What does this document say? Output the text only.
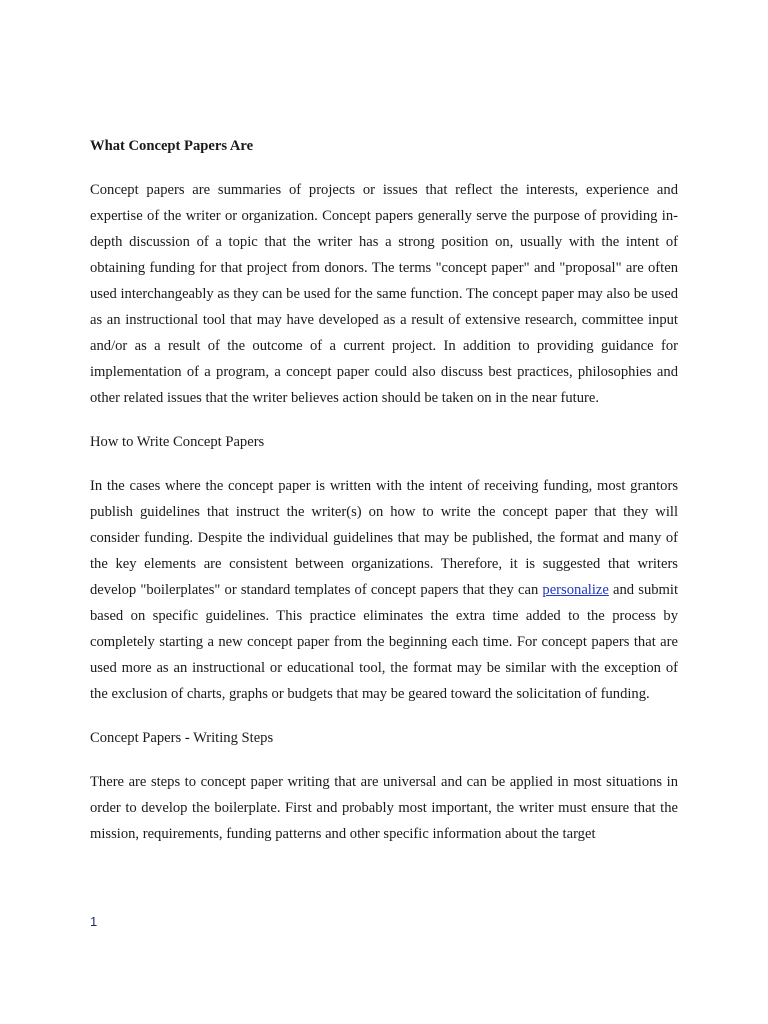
What Concept Papers Are

Concept papers are summaries of projects or issues that reflect the interests, experience and expertise of the writer or organization. Concept papers generally serve the purpose of providing in-depth discussion of a topic that the writer has a strong position on, usually with the intent of obtaining funding for that project from donors. The terms "concept paper" and "proposal" are often used interchangeably as they can be used for the same function. The concept paper may also be used as an instructional tool that may have developed as a result of extensive research, committee input and/or as a result of the outcome of a current project. In addition to providing guidance for implementation of a program, a concept paper could also discuss best practices, philosophies and other related issues that the writer believes action should be taken on in the near future.

How to Write Concept Papers

In the cases where the concept paper is written with the intent of receiving funding, most grantors publish guidelines that instruct the writer(s) on how to write the concept paper that they will consider funding. Despite the individual guidelines that may be published, the format and many of the key elements are consistent between organizations. Therefore, it is suggested that writers develop "boilerplates" or standard templates of concept papers that they can personalize and submit based on specific guidelines. This practice eliminates the extra time added to the process by completely starting a new concept paper from the beginning each time. For concept papers that are used more as an instructional or educational tool, the format may be similar with the exception of the exclusion of charts, graphs or budgets that may be geared toward the solicitation of funding.

Concept Papers - Writing Steps

There are steps to concept paper writing that are universal and can be applied in most situations in order to develop the boilerplate. First and probably most important, the writer must ensure that the mission, requirements, funding patterns and other specific information about the target

1
